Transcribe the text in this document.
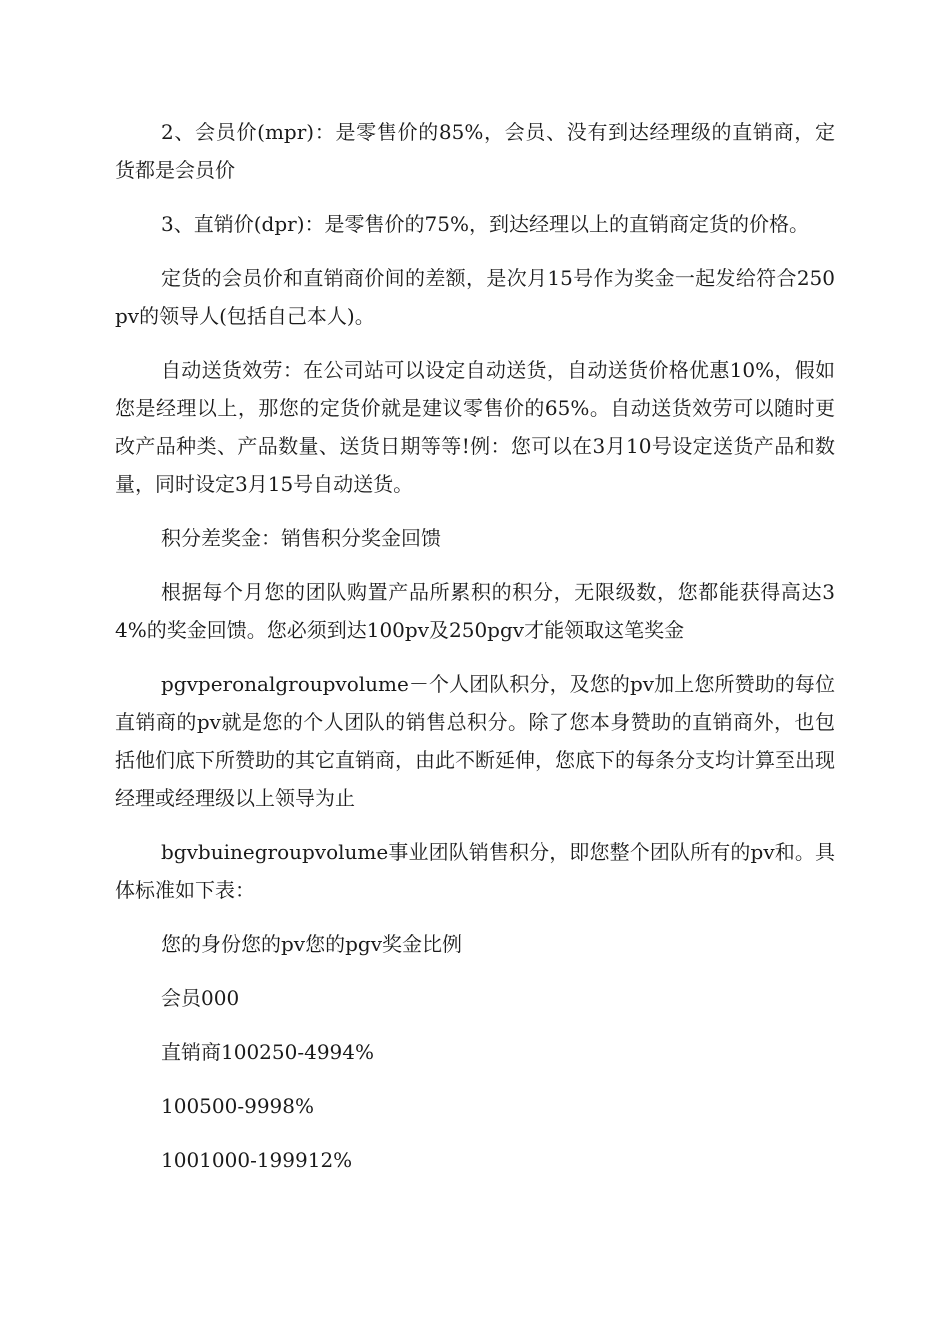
2、会员价(mpr)：是零售价的85%，会员、没有到达经理级的直销商，定货都是会员价

3、直销价(dpr)：是零售价的75%，到达经理以上的直销商定货的价格。

定货的会员价和直销商价间的差额，是次月15号作为奖金一起发给符合250pv的领导人(包括自己本人)。

自动送货效劳：在公司站可以设定自动送货，自动送货价格优惠10%，假如您是经理以上，那您的定货价就是建议零售价的65%。自动送货效劳可以随时更改产品种类、产品数量、送货日期等等!例：您可以在3月10号设定送货产品和数量，同时设定3月15号自动送货。

积分差奖金：销售积分奖金回馈

根据每个月您的团队购置产品所累积的积分，无限级数，您都能获得高达34%的奖金回馈。您必须到达100pv及250pgv才能领取这笔奖金

pgvperonalgroupvolume－个人团队积分，及您的pv加上您所赞助的每位直销商的pv就是您的个人团队的销售总积分。除了您本身赞助的直销商外，也包括他们底下所赞助的其它直销商，由此不断延伸，您底下的每条分支均计算至出现经理或经理级以上领导为止

bgvbuinegroupvolume事业团队销售积分，即您整个团队所有的pv和。具体标准如下表：

您的身份您的pv您的pgv奖金比例

会员000

直销商100250-4994%

100500-9998%

1001000-199912%
